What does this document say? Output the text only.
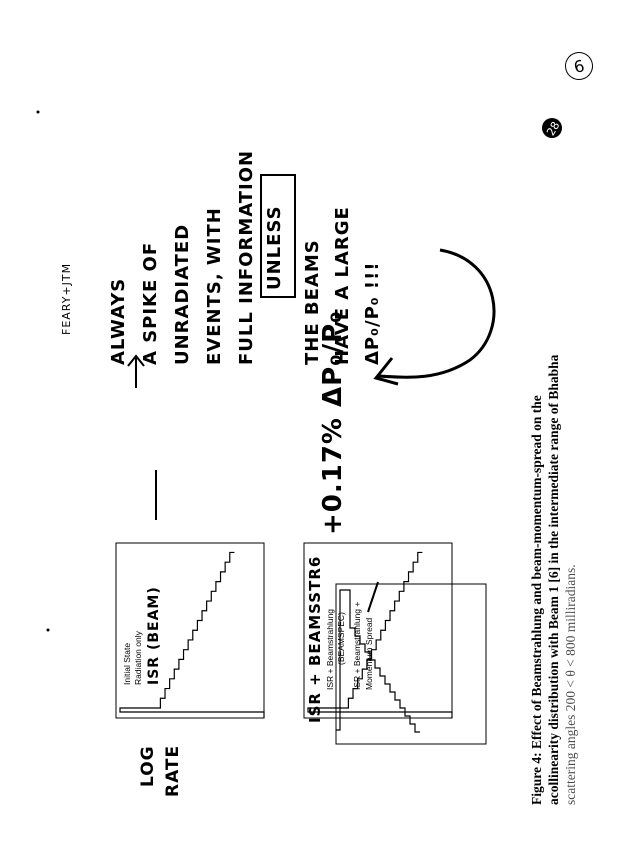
6
28
Figure 4: Effect of Beamstrahlung and beam-momentum-spread on the acollinearity distribution with Beam 1 [6] in the intermediate range of Bhabha scattering angles 200 < θ < 800 milliradians.
LOG RATE
Initial State Radiation only ISR (BEAM)	ISR + Beamstrahlung (BEAMSPEC)
ISR + BEAMSSTR6
+0.17% ΔP₀/P₀
ALWAYS A SPIKE OF UNRADIATED EVENTS, WITH FULL INFORMATION UNLESS THE BEAMS HAVE A LARGE ΔP₀/P₀ !!!
FEARY+JTM
ISR + Beamstrahlung + Momentum Spread
